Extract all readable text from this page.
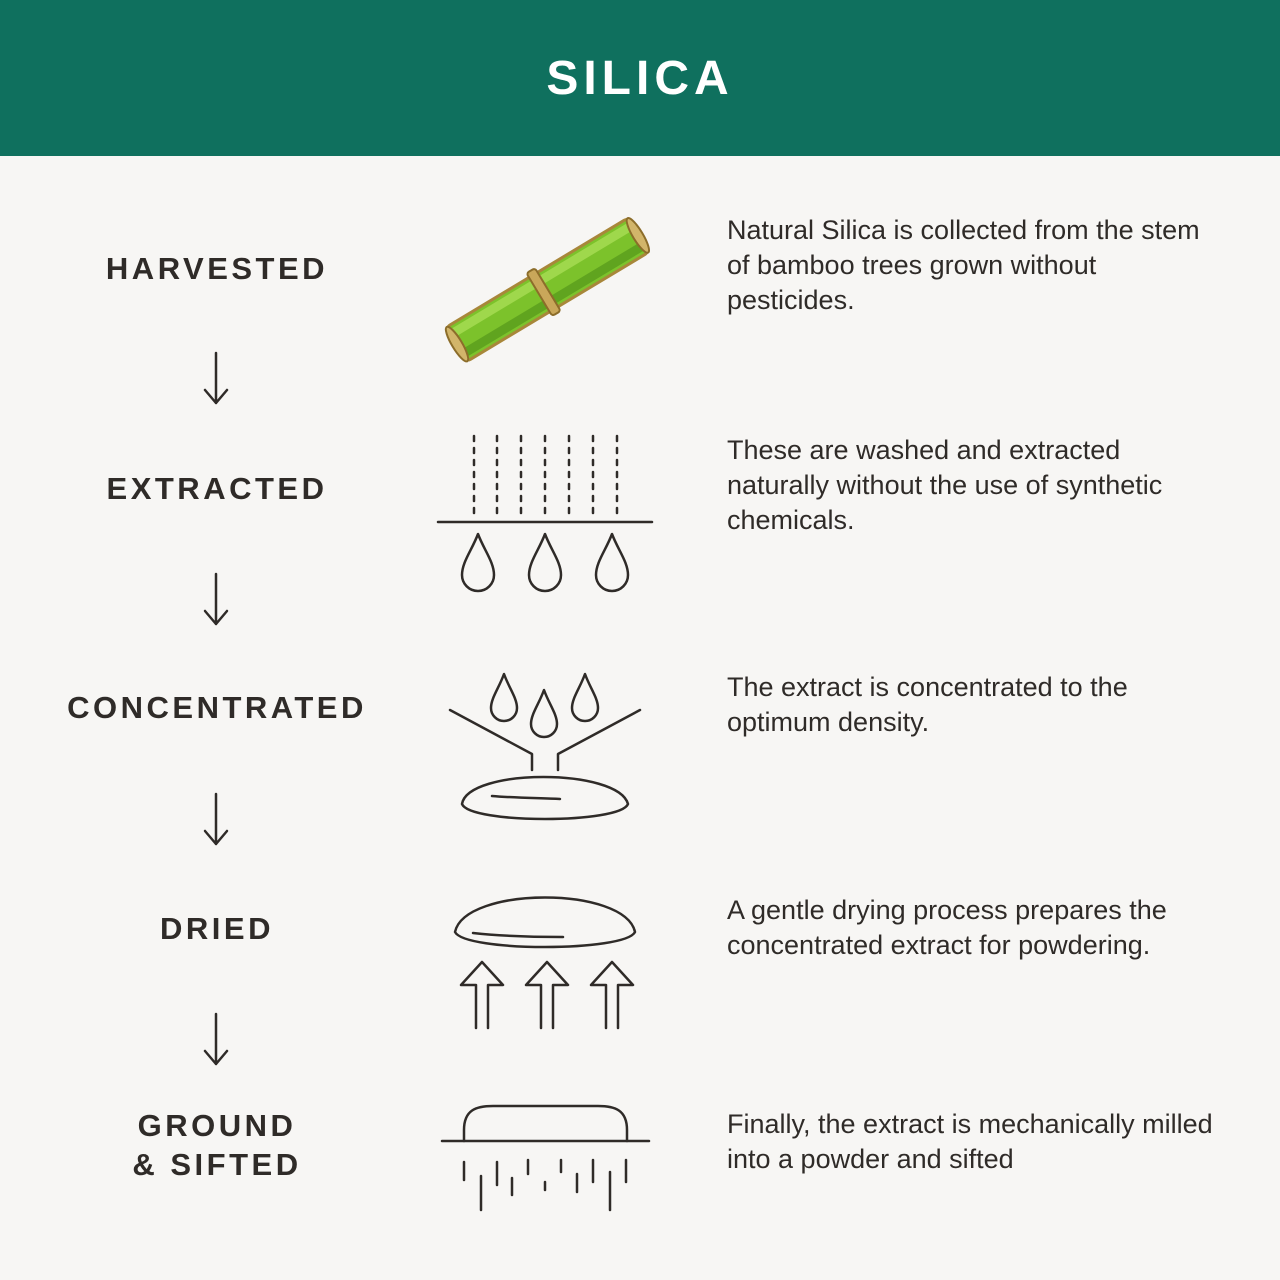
SILICA
HARVESTED
Natural Silica is collected from the stem of bamboo trees grown without pesticides.
EXTRACTED
These are washed and extracted naturally without the use of synthetic chemicals.
CONCENTRATED
The extract is concentrated to the optimum density.
DRIED
A gentle drying process prepares the concentrated extract for powdering.
GROUND
& SIFTED
Finally, the extract is mechanically milled into a powder and sifted
